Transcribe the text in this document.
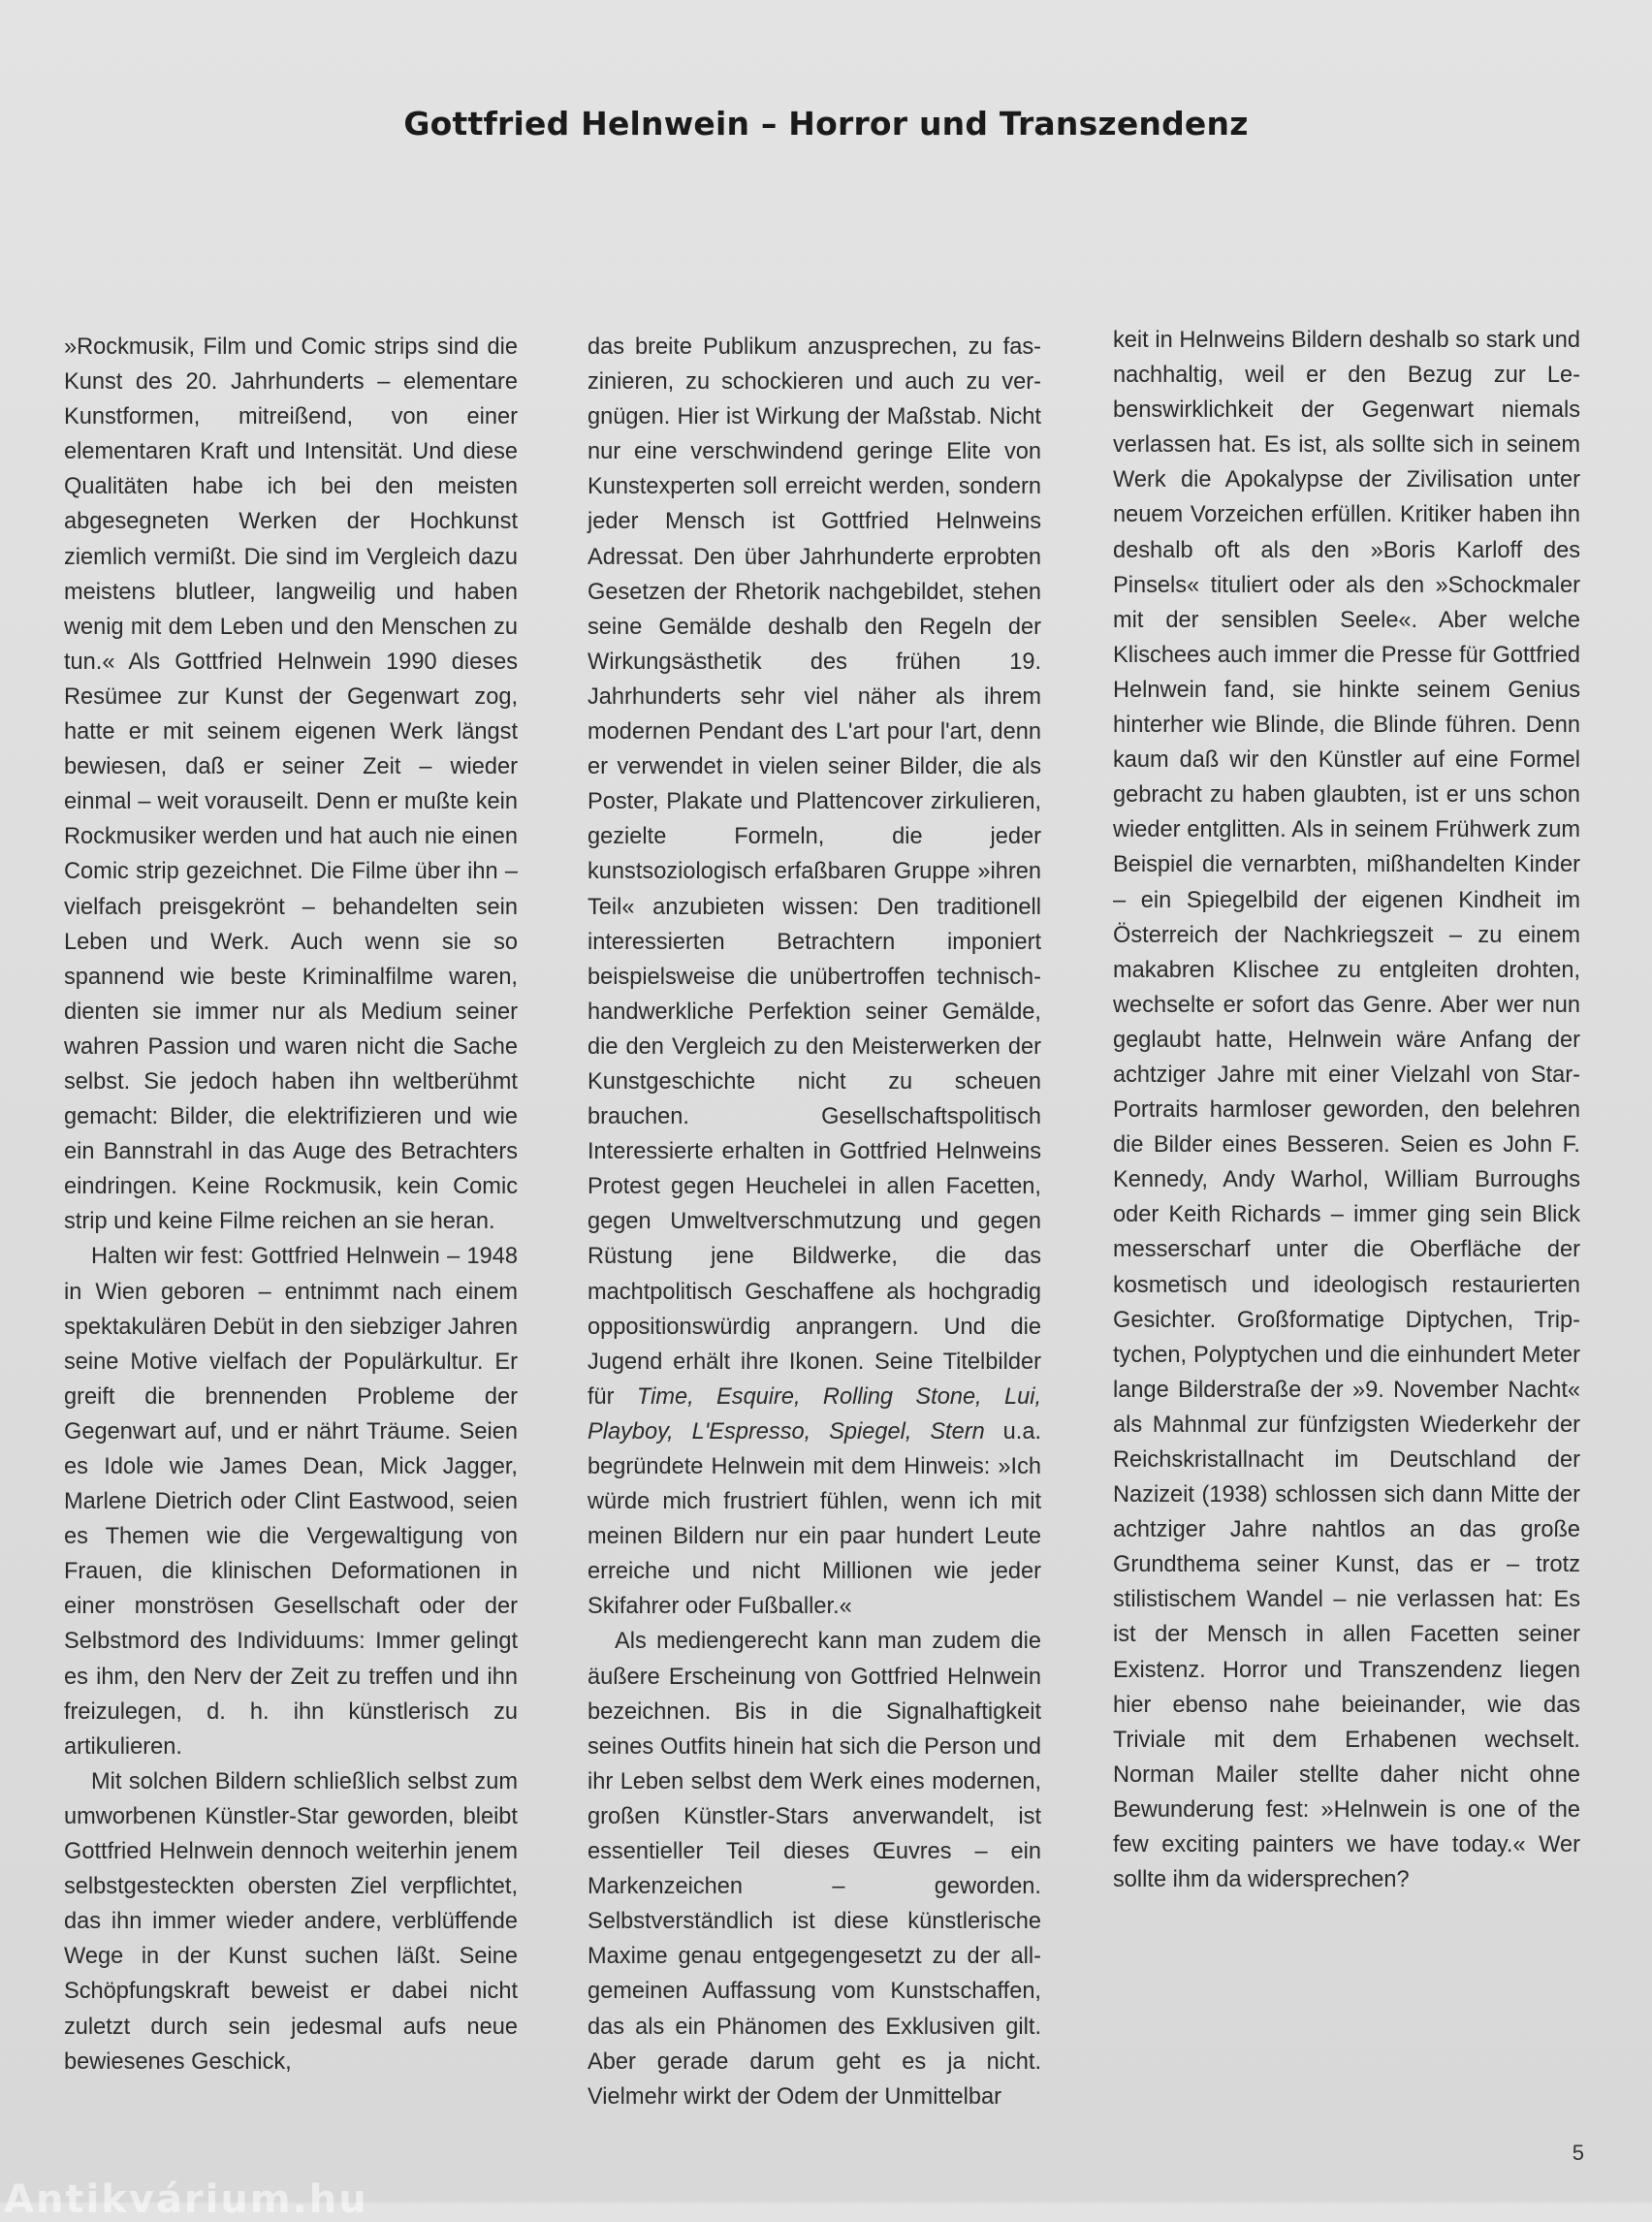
Gottfried Helnwein – Horror und Transzendenz

»Rockmusik, Film und Comic strips sind die Kunst des 20. Jahrhunderts – elementare Kunstformen, mitreißend, von einer elementaren Kraft und Intensität. Und diese Qualitäten habe ich bei den meisten abgesegneten Werken der Hochkunst ziemlich vermißt. Die sind im Vergleich dazu meistens blutleer, langweilig und haben wenig mit dem Leben und den Menschen zu tun.« Als Gottfried Helnwein 1990 dieses Resümee zur Kunst der Gegenwart zog, hatte er mit seinem eigenen Werk längst bewiesen, daß er seiner Zeit – wieder einmal – weit vorauseilt. Denn er mußte kein Rockmusiker werden und hat auch nie einen Comic strip gezeichnet. Die Filme über ihn – vielfach preisgekrönt – behandelten sein Leben und Werk. Auch wenn sie so spannend wie beste Kriminalfilme waren, dienten sie immer nur als Medium seiner wahren Passion und waren nicht die Sache selbst. Sie jedoch haben ihn weltberühmt gemacht: Bilder, die elektrifizieren und wie ein Bannstrahl in das Auge des Betrachters eindringen. Keine Rockmusik, kein Comic strip und keine Filme reichen an sie heran.

Halten wir fest: Gottfried Helnwein – 1948 in Wien geboren – entnimmt nach einem spektakulären Debüt in den siebziger Jahren seine Motive vielfach der Populärkultur. Er greift die brennenden Probleme der Gegenwart auf, und er nährt Träume. Seien es Idole wie James Dean, Mick Jagger, Marlene Dietrich oder Clint Eastwood, seien es Themen wie die Vergewaltigung von Frauen, die klinischen Deformationen in einer monströsen Gesellschaft oder der Selbstmord des Individuums: Immer gelingt es ihm, den Nerv der Zeit zu treffen und ihn freizulegen, d. h. ihn künstlerisch zu artikulieren.

Mit solchen Bildern schließlich selbst zum umworbenen Künstler-Star geworden, bleibt Gottfried Helnwein dennoch weiterhin jenem selbstgesteckten obersten Ziel verpflichtet, das ihn immer wieder andere, verblüffende Wege in der Kunst suchen läßt. Seine Schöpfungskraft beweist er dabei nicht zuletzt durch sein jedesmal aufs neue bewiesenes Geschick,

das breite Publikum anzusprechen, zu faszinieren, zu schockieren und auch zu vergnügen. Hier ist Wirkung der Maßstab. Nicht nur eine verschwindend geringe Elite von Kunstexperten soll erreicht werden, sondern jeder Mensch ist Gottfried Helnweins Adressat. Den über Jahrhunderte erprobten Gesetzen der Rhetorik nachgebildet, stehen seine Gemälde deshalb den Regeln der Wirkungsästhetik des frühen 19. Jahrhunderts sehr viel näher als ihrem modernen Pendant des L'art pour l'art, denn er verwendet in vielen seiner Bilder, die als Poster, Plakate und Plattencover zirkulieren, gezielte Formeln, die jeder kunstsoziologisch erfaßbaren Gruppe »ihren Teil« anzubieten wissen: Den traditionell interessierten Betrachtern imponiert beispielsweise die unübertroffen technisch-handwerkliche Perfektion seiner Gemälde, die den Vergleich zu den Meisterwerken der Kunstgeschichte nicht zu scheuen brauchen. Gesellschaftspolitisch Interessierte erhalten in Gottfried Helnweins Protest gegen Heuchelei in allen Facetten, gegen Umweltverschmutzung und gegen Rüstung jene Bildwerke, die das machtpolitisch Geschaffene als hochgradig oppositionswürdig anprangern. Und die Jugend erhält ihre Ikonen. Seine Titelbilder für Time, Esquire, Rolling Stone, Lui, Playboy, L'Espresso, Spiegel, Stern u.a. begründete Helnwein mit dem Hinweis: »Ich würde mich frustriert fühlen, wenn ich mit meinen Bildern nur ein paar hundert Leute erreiche und nicht Millionen wie jeder Skifahrer oder Fußballer.«

Als mediengerecht kann man zudem die äußere Erscheinung von Gottfried Helnwein bezeichnen. Bis in die Signalhaftigkeit seines Outfits hinein hat sich die Person und ihr Leben selbst dem Werk eines modernen, großen Künstler-Stars anverwandelt, ist essentieller Teil dieses Œuvres – ein Markenzeichen – geworden. Selbstverständlich ist diese künstlerische Maxime genau entgegengesetzt zu der allgemeinen Auffassung vom Kunstschaffen, das als ein Phänomen des Exklusiven gilt. Aber gerade darum geht es ja nicht. Vielmehr wirkt der Odem der Unmittelbar

keit in Helnweins Bildern deshalb so stark und nachhaltig, weil er den Bezug zur Lebenswirklichkeit der Gegenwart niemals verlassen hat. Es ist, als sollte sich in seinem Werk die Apokalypse der Zivilisation unter neuem Vorzeichen erfüllen. Kritiker haben ihn deshalb oft als den »Boris Karloff des Pinsels« tituliert oder als den »Schockmaler mit der sensiblen Seele«. Aber welche Klischees auch immer die Presse für Gottfried Helnwein fand, sie hinkte seinem Genius hinterher wie Blinde, die Blinde führen. Denn kaum daß wir den Künstler auf eine Formel gebracht zu haben glaubten, ist er uns schon wieder entglitten. Als in seinem Frühwerk zum Beispiel die vernarbten, mißhandelten Kinder – ein Spiegelbild der eigenen Kindheit im Österreich der Nachkriegszeit – zu einem makabren Klischee zu entgleiten drohten, wechselte er sofort das Genre. Aber wer nun geglaubt hatte, Helnwein wäre Anfang der achtziger Jahre mit einer Vielzahl von Star-Portraits harmloser geworden, den belehren die Bilder eines Besseren. Seien es John F. Kennedy, Andy Warhol, William Burroughs oder Keith Richards – immer ging sein Blick messerscharf unter die Oberfläche der kosmetisch und ideologisch restaurierten Gesichter. Großformatige Diptychen, Triptychen, Polyptychen und die einhundert Meter lange Bilderstraße der »9. November Nacht« als Mahnmal zur fünfzigsten Wiederkehr der Reichskristallnacht im Deutschland der Nazizeit (1938) schlossen sich dann Mitte der achtziger Jahre nahtlos an das große Grundthema seiner Kunst, das er – trotz stilistischem Wandel – nie verlassen hat: Es ist der Mensch in allen Facetten seiner Existenz. Horror und Transzendenz liegen hier ebenso nahe beieinander, wie das Triviale mit dem Erhabenen wechselt. Norman Mailer stellte daher nicht ohne Bewunderung fest: »Helnwein is one of the few exciting painters we have today.« Wer sollte ihm da widersprechen?

5
Antikvárium.hu
